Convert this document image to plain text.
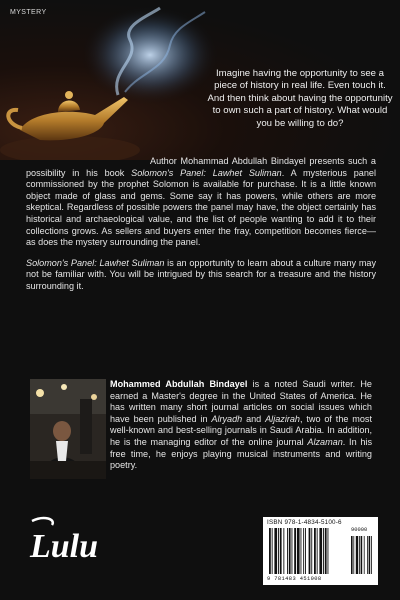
MYSTERY
Imagine having the opportunity to see a piece of history in real life. Even touch it. And then think about having the opportunity to own such a part of history. What would you be willing to do?

Author Mohammad Abdullah Bindayel presents such a possibility in his book Solomon's Panel: Lawhet Suliman. A mysterious panel commissioned by the prophet Solomon is available for purchase. It is a little known object made of glass and gems. Some say it has powers, while others are more skeptical. Regardless of possible powers the panel may have, the object certainly has historical and archaeological value, and the list of people wanting to add it to their collections grows. As sellers and buyers enter the fray, competition becomes fierce—as does the mystery surrounding the panel.

Solomon's Panel: Lawhet Suliman is an opportunity to learn about a culture many may not be familiar with. You will be intrigued by this search for a treasure and the history surrounding it.

Mohammed Abdullah Bindayel is a noted Saudi writer. He earned a Master's degree in the United States of America. He has written many short journal articles on social issues which have been published in Alryadh and Aljazirah, two of the most well-known and best-selling journals in Saudi Arabia. In addition, he is the managing editor of the online journal Alzaman. In his free time, he enjoys playing musical instruments and writing poetry.
Lulu
ISBN 978-1-4834-5100-6
90000
9 781483 451008
